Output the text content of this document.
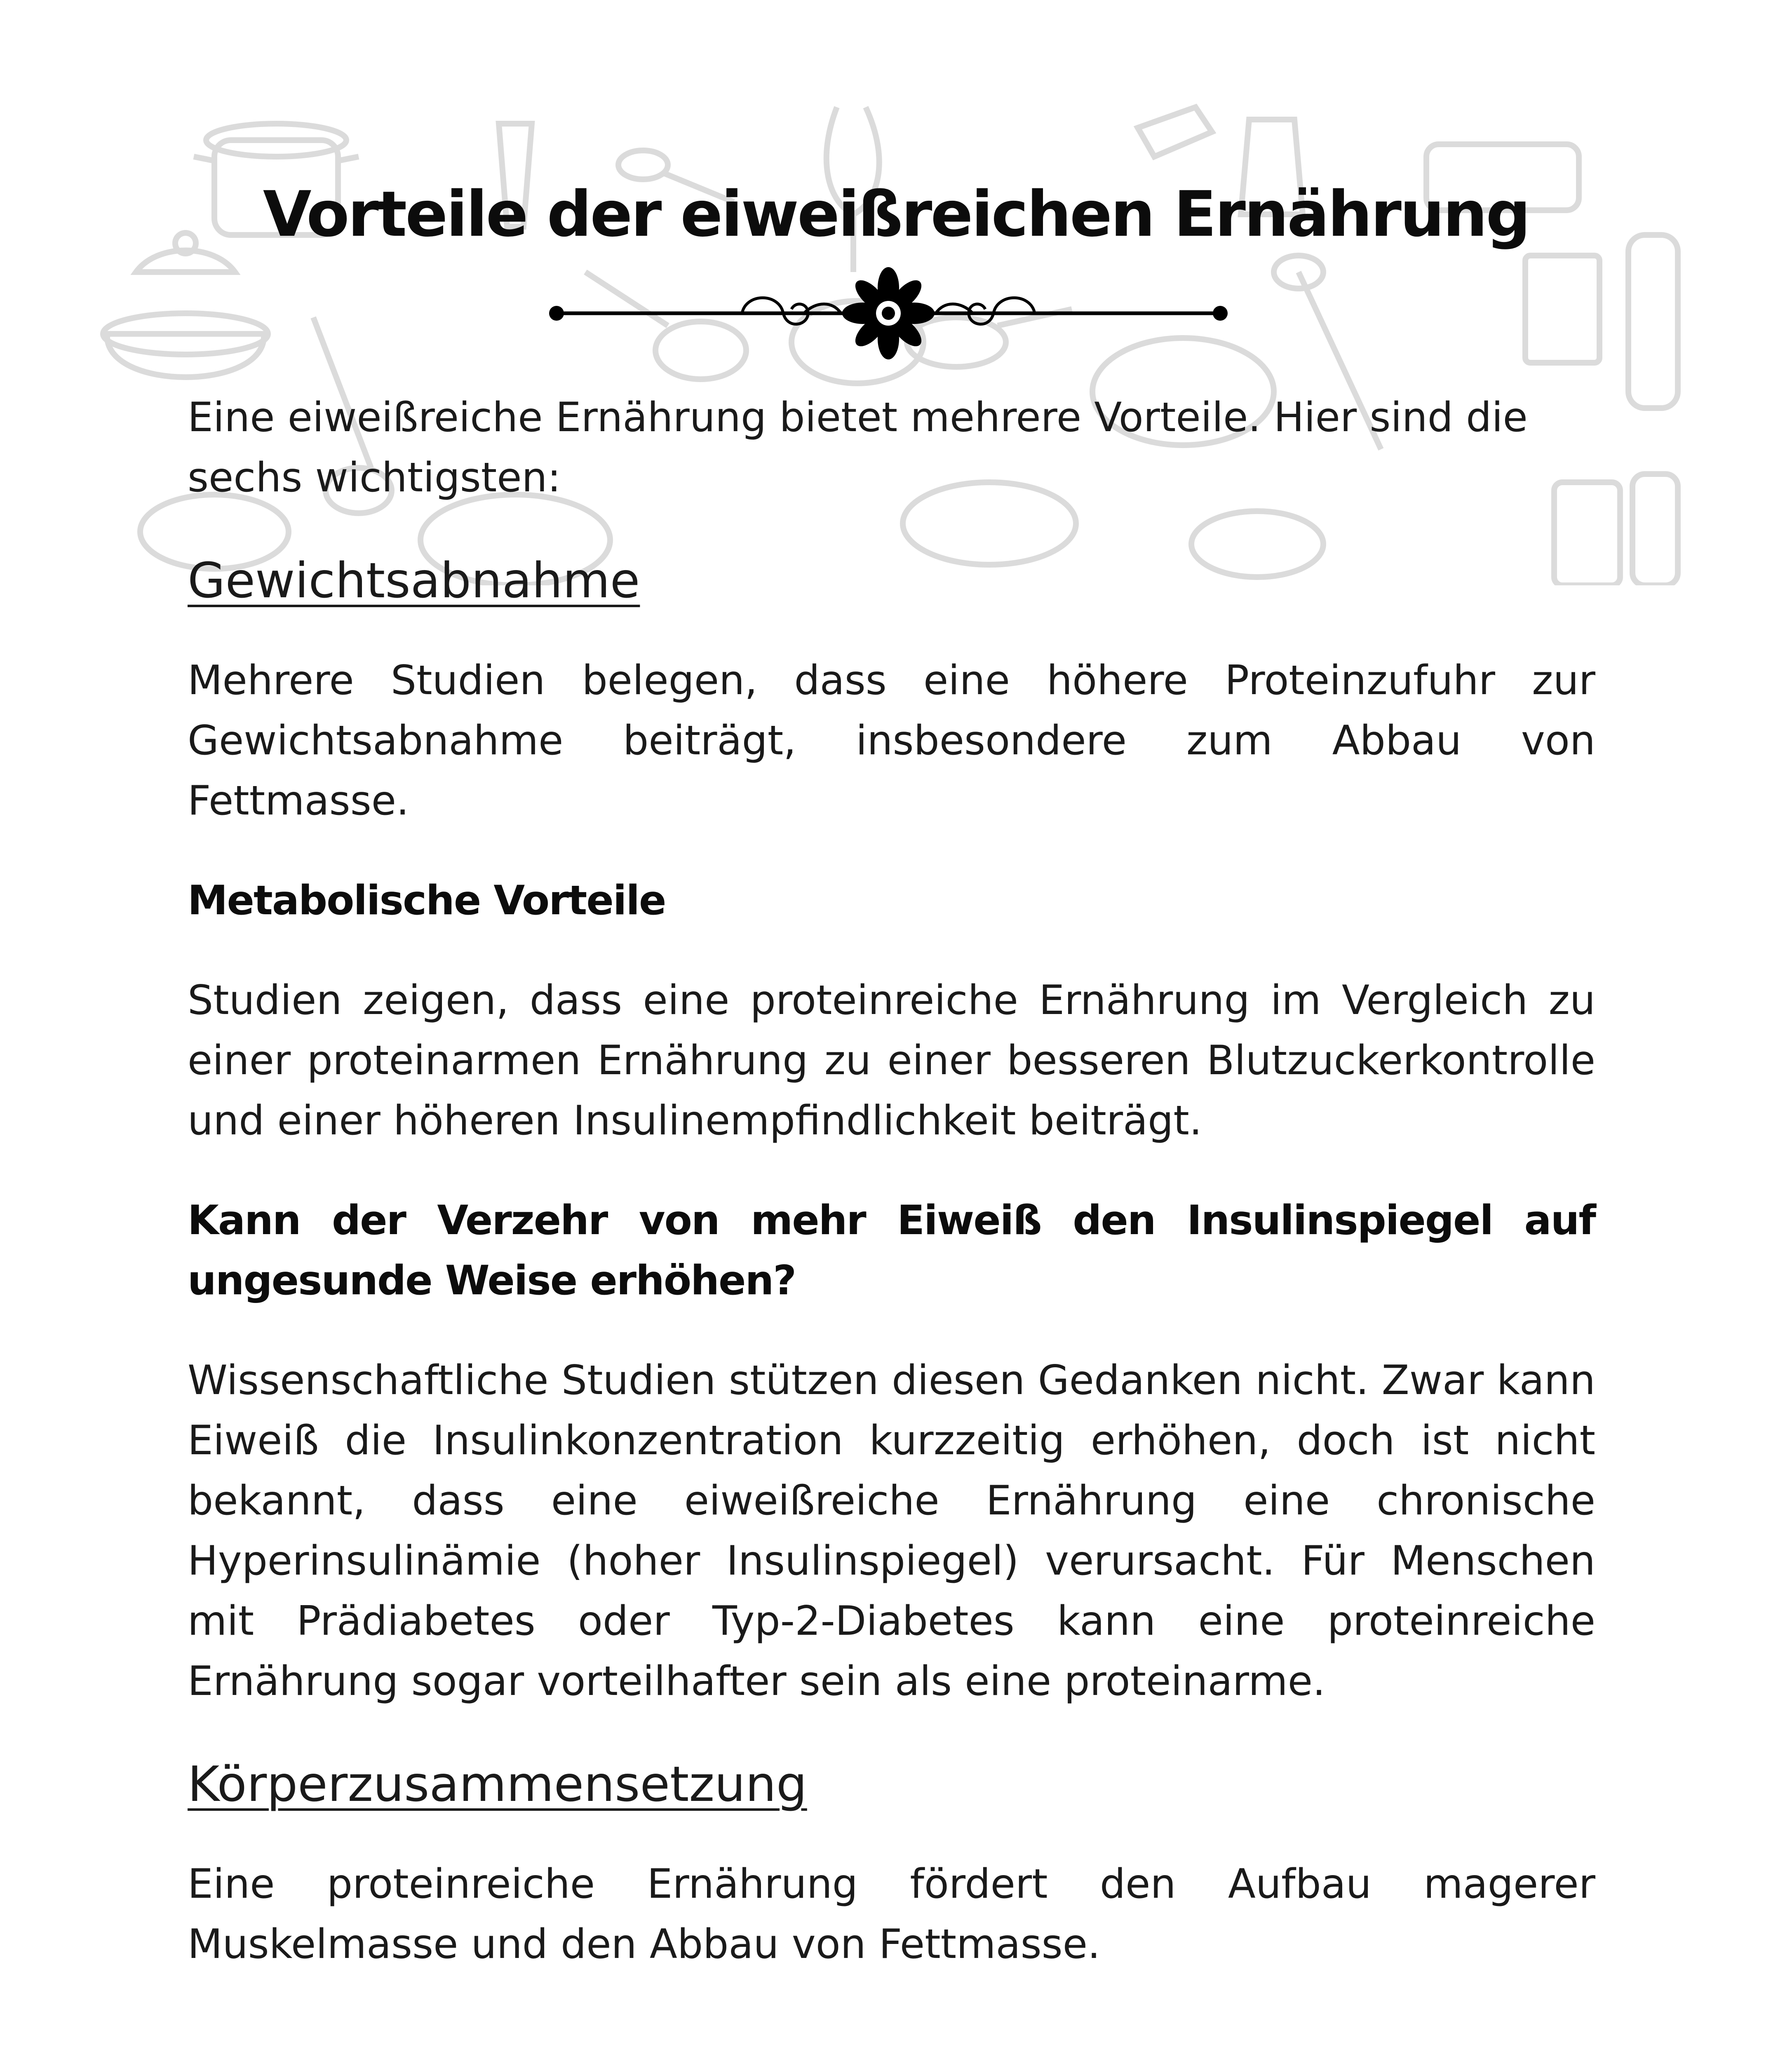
Vorteile der eiweißreichen Ernährung

Eine eiweißreiche Ernährung bietet mehrere Vorteile. Hier sind die sechs wichtigsten:

Gewichtsabnahme

Mehrere Studien belegen, dass eine höhere Proteinzufuhr zur Gewichtsabnahme beiträgt, insbesondere zum Abbau von Fettmasse.

Metabolische Vorteile

Studien zeigen, dass eine proteinreiche Ernährung im Vergleich zu einer proteinarmen Ernährung zu einer besseren Blutzuckerkontrolle und einer höheren Insulinempfindlichkeit beiträgt.

Kann der Verzehr von mehr Eiweiß den Insulinspiegel auf ungesunde Weise erhöhen?

Wissenschaftliche Studien stützen diesen Gedanken nicht. Zwar kann Eiweiß die Insulinkonzentration kurzzeitig erhöhen, doch ist nicht bekannt, dass eine eiweißreiche Ernährung eine chronische Hyperinsulinämie (hoher Insulinspiegel) verursacht. Für Menschen mit Prädiabetes oder Typ-2-Diabetes kann eine proteinreiche Ernährung sogar vorteilhafter sein als eine proteinarme.

Körperzusammensetzung

Eine proteinreiche Ernährung fördert den Aufbau magerer Muskelmasse und den Abbau von Fettmasse.
